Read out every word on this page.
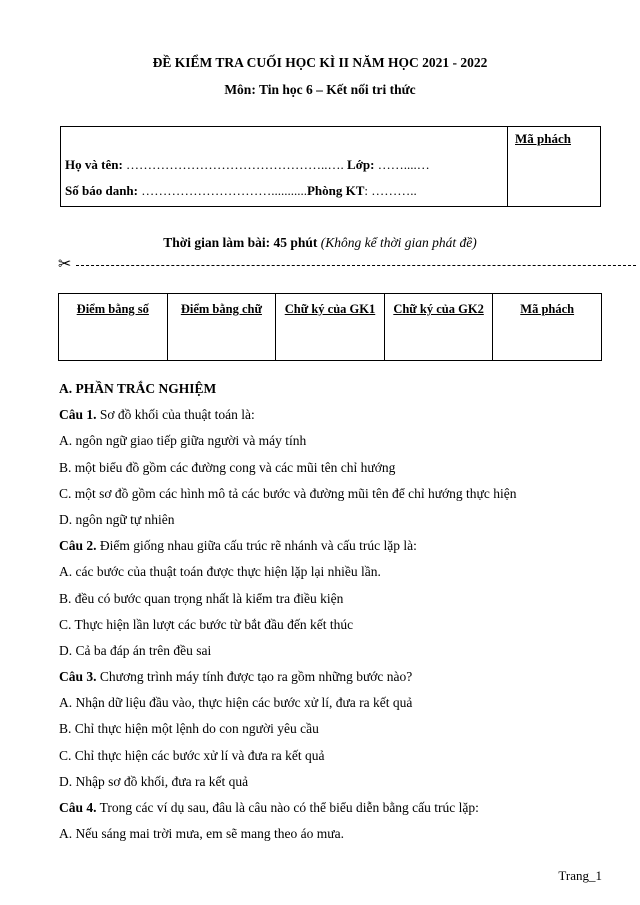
ĐỀ KIỂM TRA CUỐI HỌC KÌ II NĂM HỌC 2021 - 2022
Môn: Tin học 6 – Kết nối tri thức
Mã phách
Họ và tên: ………………………………………..…. Lớp: ……....…
Số báo danh: …………………………...........Phòng KT: ………..
Thời gian làm bài: 45 phút (Không kể thời gian phát đề)
✂
Điểm bằng số	Điểm bằng chữ	Chữ ký của GK1	Chữ ký của GK2	Mã phách

A. PHẦN TRẮC NGHIỆM

Câu 1. Sơ đồ khối của thuật toán là:

A. ngôn ngữ giao tiếp giữa người và máy tính

B. một biểu đồ gồm các đường cong và các mũi tên chỉ hướng

C. một sơ đồ gồm các hình mô tả các bước và đường mũi tên để chỉ hướng thực hiện

D. ngôn ngữ tự nhiên

Câu 2. Điểm giống nhau giữa cấu trúc rẽ nhánh và cấu trúc lặp là:

A. các bước của thuật toán được thực hiện lặp lại nhiều lần.

B. đều có bước quan trọng nhất là kiểm tra điều kiện

C. Thực hiện lần lượt các bước từ bắt đầu đến kết thúc

D. Cả ba đáp án trên đều sai

Câu 3. Chương trình máy tính được tạo ra gồm những bước nào?

A. Nhận dữ liệu đầu vào, thực hiện các bước xử lí, đưa ra kết quả

B. Chỉ thực hiện một lệnh do con người yêu cầu

C. Chỉ thực hiện các bước xử lí và đưa ra kết quả

D. Nhập sơ đồ khối, đưa ra kết quả

Câu 4. Trong các ví dụ sau, đâu là câu nào có thể biểu diễn bằng cấu trúc lặp:

A. Nếu sáng mai trời mưa, em sẽ mang theo áo mưa.

Trang_1
